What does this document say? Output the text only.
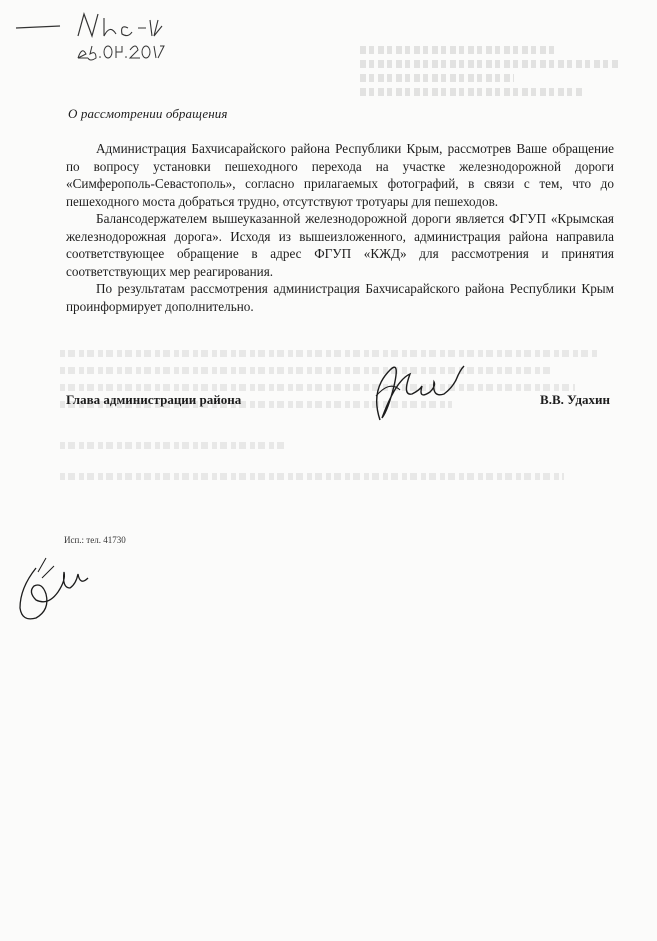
О рассмотрении обращения

Администрация Бахчисарайского района Республики Крым, рассмотрев Ваше обращение по вопросу установки пешеходного перехода на участке железнодорожной дороги «Симферополь-Севастополь», согласно прилагаемых фотографий, в связи с тем, что до пешеходного моста добраться трудно, отсутствуют тротуары для пешеходов.

Балансодержателем вышеуказанной железнодорожной дороги является ФГУП «Крымская железнодорожная дорога». Исходя из вышеизложенного, администрация района направила соответствующее обращение в адрес ФГУП «КЖД» для рассмотрения и принятия соответствующих мер реагирования.

По результатам рассмотрения администрация Бахчисарайского района Республики Крым проинформирует дополнительно.

Глава администрации района	В.В. Удахин
Исп.: тел. 41730
